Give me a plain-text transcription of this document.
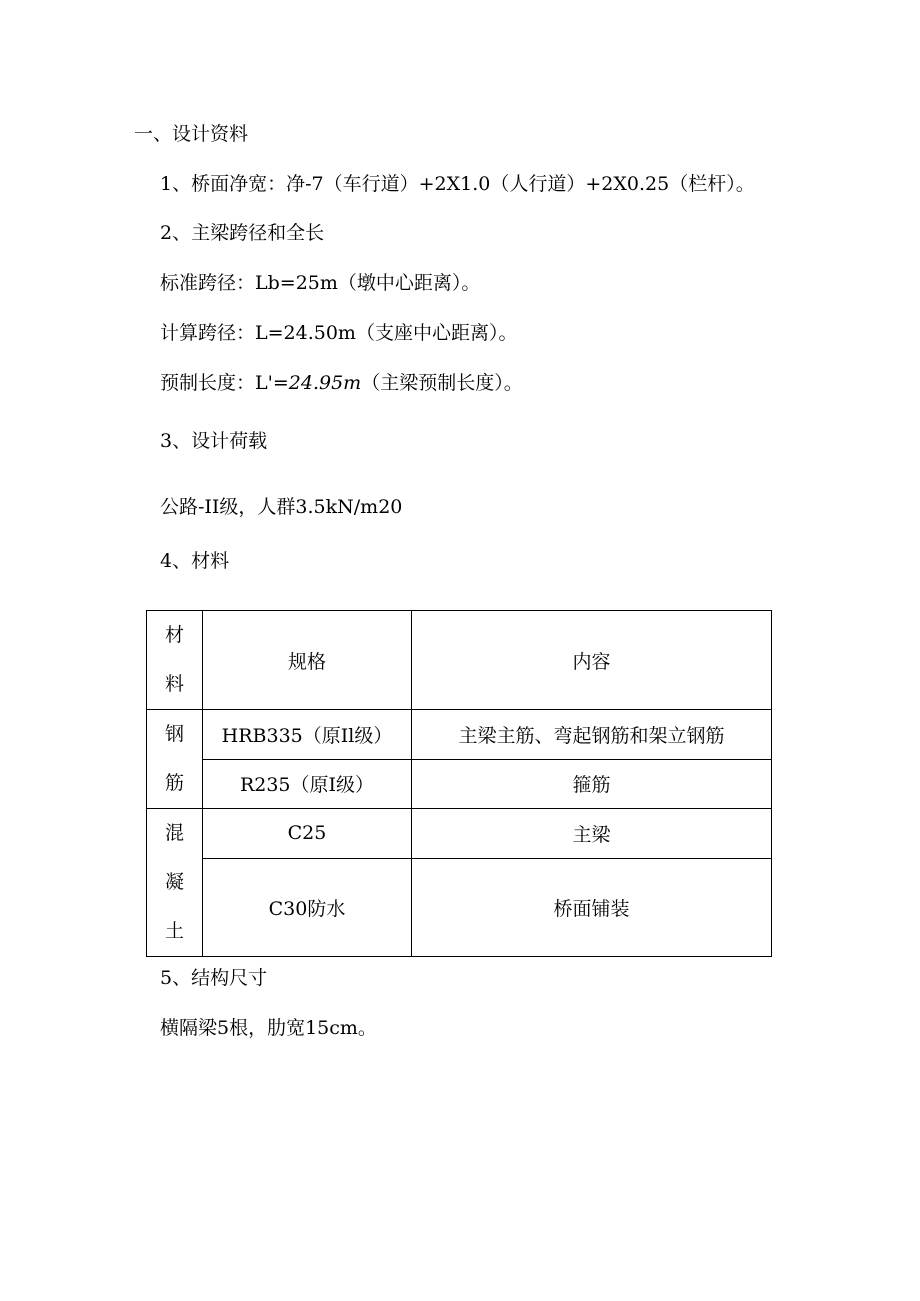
一、设计资料
1、桥面净宽：净-7（车行道）+2X1.0（人行道）+2X0.25（栏杆）。
2、主梁跨径和全长
标准跨径：Lb=25m（墩中心距离）。
计算跨径：L=24.50m（支座中心距离）。
预制长度：L'=24.95m（主梁预制长度）。
3、设计荷载
公路-II级，人群3.5kN/m20
4、材料
材料	规格	内容
钢筋	HRB335（原Il级）	主梁主筋、弯起钢筋和架立钢筋
	R235（原I级）	箍筋
混凝土	C25	主梁
	C30防水	桥面铺装
5、结构尺寸
横隔梁5根，肋宽15cm。
